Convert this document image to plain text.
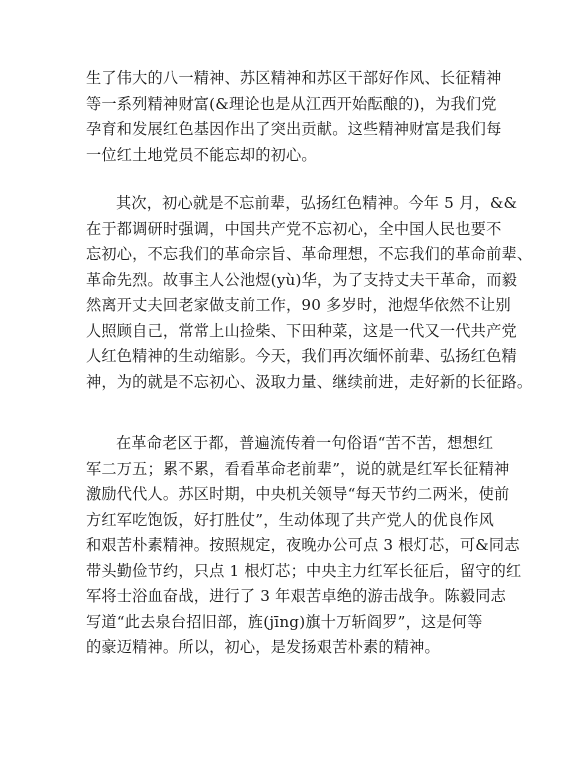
生了伟大的八一精神、苏区精神和苏区干部好作风、长征精神
等一系列精神财富(&理论也是从江西开始酝酿的)，为我们党
孕育和发展红色基因作出了突出贡献。这些精神财富是我们每
一位红土地党员不能忘却的初心。
其次，初心就是不忘前辈，弘扬红色精神。今年 5 月，&&
在于都调研时强调，中国共产党不忘初心，全中国人民也要不
忘初心，不忘我们的革命宗旨、革命理想，不忘我们的革命前辈、
革命先烈。故事主人公池煜(yù)华，为了支持丈夫干革命，而毅
然离开丈夫回老家做支前工作，90 多岁时，池煜华依然不让别
人照顾自己，常常上山捡柴、下田种菜，这是一代又一代共产党
人红色精神的生动缩影。今天，我们再次缅怀前辈、弘扬红色精
神，为的就是不忘初心、汲取力量、继续前进，走好新的长征路。
在革命老区于都，普遍流传着一句俗语“苦不苦，想想红
军二万五；累不累，看看革命老前辈”，说的就是红军长征精神
激励代代人。苏区时期，中央机关领导“每天节约二两米，使前
方红军吃饱饭，好打胜仗”，生动体现了共产党人的优良作风
和艰苦朴素精神。按照规定，夜晚办公可点 3 根灯芯，可&同志
带头勤俭节约，只点 1 根灯芯；中央主力红军长征后，留守的红
军将士浴血奋战，进行了 3 年艰苦卓绝的游击战争。陈毅同志
写道“此去泉台招旧部，旌(jīng)旗十万斩阎罗”，这是何等
的豪迈精神。所以，初心，是发扬艰苦朴素的精神。
